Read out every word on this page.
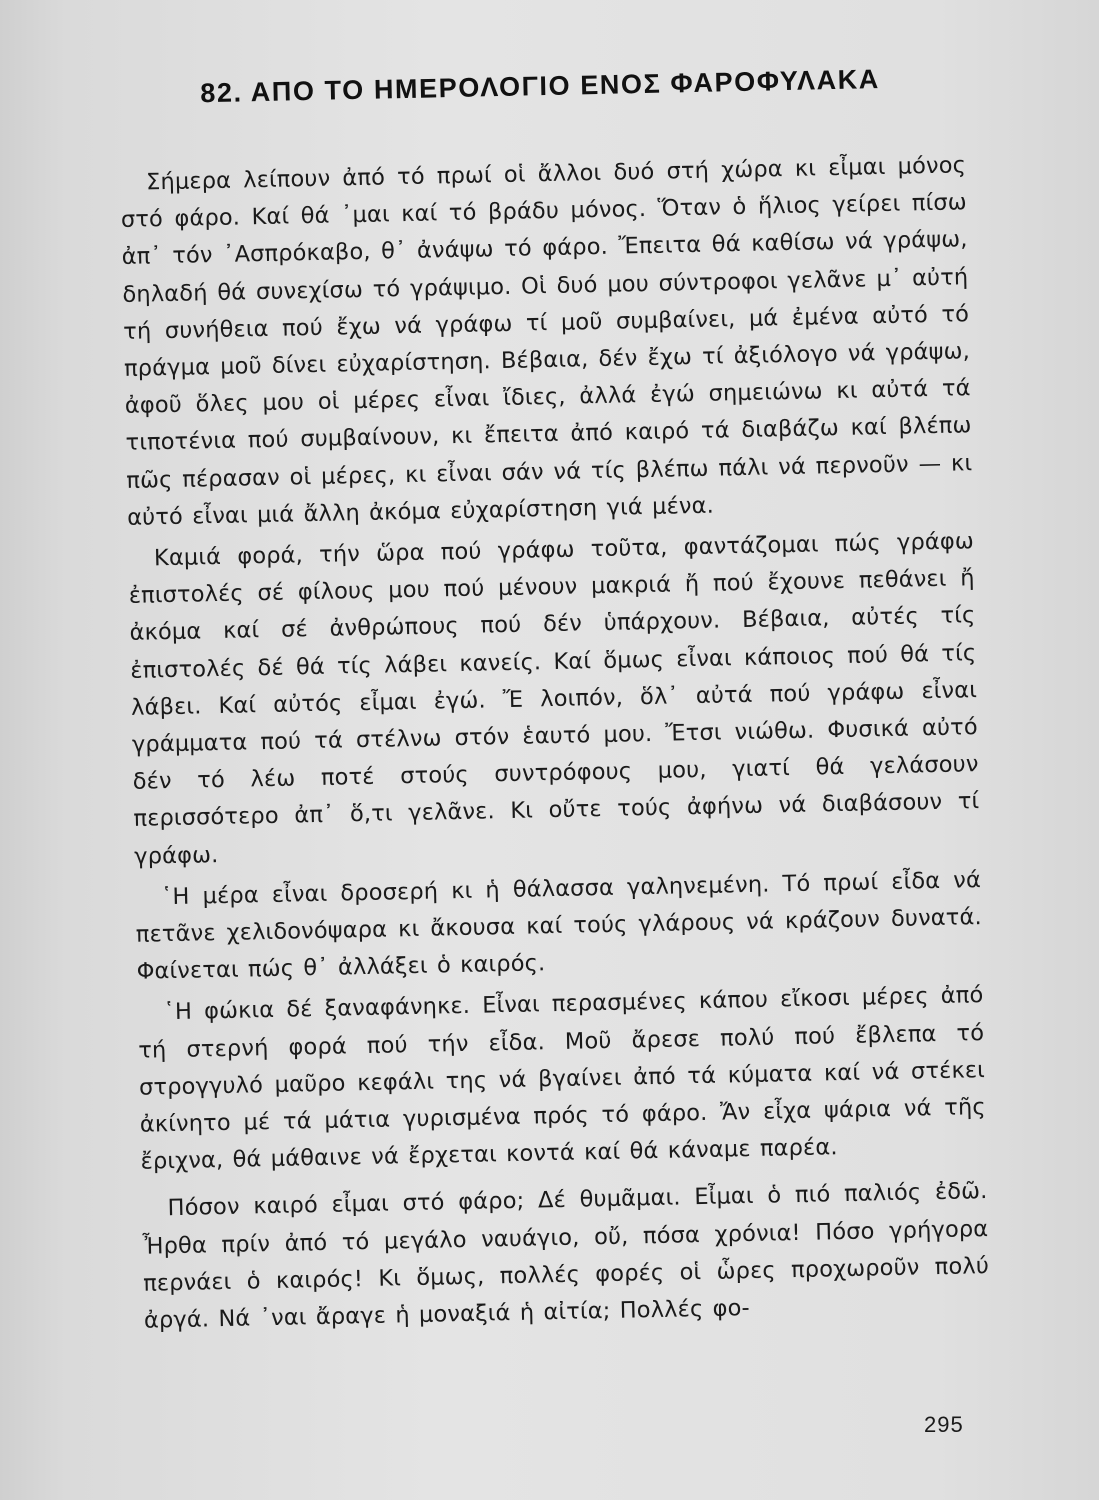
82. ΑΠΟ ΤΟ ΗΜΕΡΟΛΟΓΙΟ ΕΝΟΣ ΦΑΡΟΦΥΛΑΚΑ

Σήμερα λείπουν ἀπό τό πρωί οἱ ἄλλοι δυό στή χώρα κι εἶμαι μόνος στό φάρο. Καί θά ᾿μαι καί τό βράδυ μόνος. Ὅταν ὁ ἥλιος γείρει πίσω ἀπ᾿ τόν ᾿Ασπρόκαβο, θ᾿ ἀνάψω τό φάρο. Ἔπειτα θά καθίσω νά γράψω, δηλαδή θά συνεχίσω τό γράψιμο. Οἱ δυό μου σύντροφοι γελᾶνε μ᾿ αὐτή τή συνήθεια πού ἔχω νά γράφω τί μοῦ συμβαίνει, μά ἐμένα αὐτό τό πράγμα μοῦ δίνει εὐχαρίστηση. Βέβαια, δέν ἔχω τί ἀξιόλογο νά γράψω, ἀφοῦ ὅλες μου οἱ μέρες εἶναι ἴδιες, ἀλλά ἐγώ σημειώνω κι αὐτά τά τιποτένια πού συμβαίνουν, κι ἔπειτα ἀπό καιρό τά διαβάζω καί βλέπω πῶς πέρασαν οἱ μέρες, κι εἶναι σάν νά τίς βλέπω πάλι νά περνοῦν — κι αὐτό εἶναι μιά ἄλλη ἀκόμα εὐχαρίστηση γιά μένα.

Καμιά φορά, τήν ὥρα πού γράφω τοῦτα, φαντάζομαι πώς γράφω ἐπιστολές σέ φίλους μου πού μένουν μακριά ἤ πού ἔχουνε πεθάνει ἤ ἀκόμα καί σέ ἀνθρώπους πού δέν ὑπάρχουν. Βέβαια, αὐτές τίς ἐπιστολές δέ θά τίς λάβει κανείς. Καί ὅμως εἶναι κάποιος πού θά τίς λάβει. Καί αὐτός εἶμαι ἐγώ. Ἔ λοιπόν, ὅλ᾿ αὐτά πού γράφω εἶναι γράμματα πού τά στέλνω στόν ἑαυτό μου. Ἔτσι νιώθω. Φυσικά αὐτό δέν τό λέω ποτέ στούς συντρόφους μου, γιατί θά γελάσουν περισσότερο ἀπ᾿ ὅ,τι γελᾶνε. Κι οὔτε τούς ἀφήνω νά διαβάσουν τί γράφω.

῾Η μέρα εἶναι δροσερή κι ἡ θάλασσα γαληνεμένη. Τό πρωί εἶδα νά πετᾶνε χελιδονόψαρα κι ἄκουσα καί τούς γλάρους νά κράζουν δυνατά. Φαίνεται πώς θ᾿ ἀλλάξει ὁ καιρός.

῾Η φώκια δέ ξαναφάνηκε. Εἶναι περασμένες κάπου εἴκοσι μέρες ἀπό τή στερνή φορά πού τήν εἶδα. Μοῦ ἄρεσε πολύ πού ἔβλεπα τό στρογγυλό μαῦρο κεφάλι της νά βγαίνει ἀπό τά κύματα καί νά στέκει ἀκίνητο μέ τά μάτια γυρισμένα πρός τό φάρο. Ἄν εἶχα ψάρια νά τῆς ἔριχνα, θά μάθαινε νά ἔρχεται κοντά καί θά κάναμε παρέα.

Πόσον καιρό εἶμαι στό φάρο; Δέ θυμᾶμαι. Εἶμαι ὁ πιό παλιός ἐδῶ. Ἦρθα πρίν ἀπό τό μεγάλο ναυάγιο, οὔ, πόσα χρόνια! Πόσο γρήγορα περνάει ὁ καιρός! Κι ὅμως, πολλές φορές οἱ ὧρες προχωροῦν πολύ ἀργά. Νά ᾿ναι ἄραγε ἡ μοναξιά ἡ αἰτία; Πολλές φο-

295
